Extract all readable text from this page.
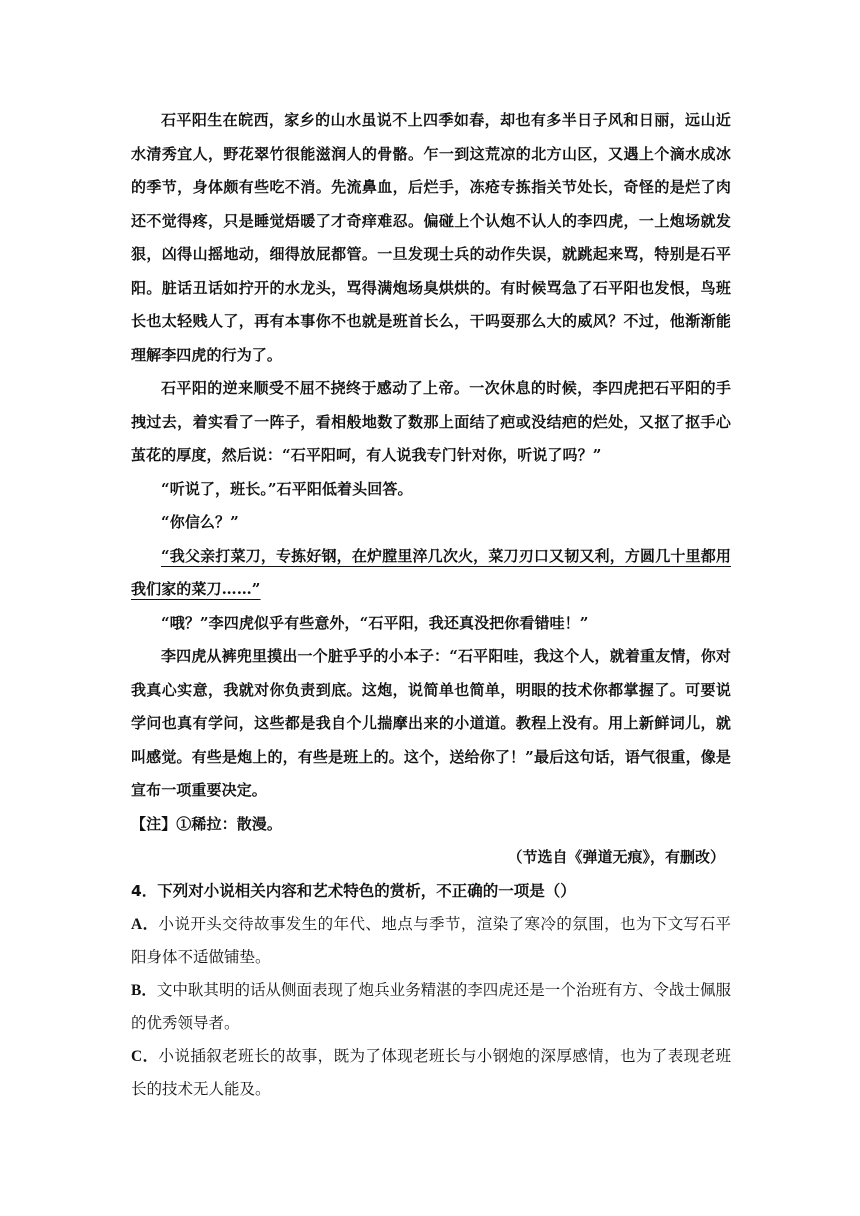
石平阳生在皖西，家乡的山水虽说不上四季如春，却也有多半日子风和日丽，远山近水清秀宜人，野花翠竹很能滋润人的骨骼。乍一到这荒凉的北方山区，又遇上个滴水成冰的季节，身体颇有些吃不消。先流鼻血，后烂手，冻疮专拣指关节处长，奇怪的是烂了肉还不觉得疼，只是睡觉焐暖了才奇痒难忍。偏碰上个认炮不认人的李四虎，一上炮场就发狠，凶得山摇地动，细得放屁都管。一旦发现士兵的动作失误，就跳起来骂，特别是石平阳。脏话丑话如拧开的水龙头，骂得满炮场臭烘烘的。有时候骂急了石平阳也发恨，鸟班长也太轻贱人了，再有本事你不也就是班首长么，干吗耍那么大的威风？不过，他渐渐能理解李四虎的行为了。

石平阳的逆来顺受不屈不挠终于感动了上帝。一次休息的时候，李四虎把石平阳的手拽过去，着实看了一阵子，看相般地数了数那上面结了疤或没结疤的烂处，又抠了抠手心茧花的厚度，然后说：“石平阳呵，有人说我专门针对你，听说了吗？”

“听说了，班长。”石平阳低着头回答。

“你信么？”

“我父亲打菜刀，专拣好钢，在炉膛里淬几次火，菜刀刃口又韧又利，方圆几十里都用我们家的菜刀……”

“哦？”李四虎似乎有些意外，“石平阳，我还真没把你看错哇！”

李四虎从裤兜里摸出一个脏乎乎的小本子：“石平阳哇，我这个人，就着重友情，你对我真心实意，我就对你负责到底。这炮，说简单也简单，明眼的技术你都掌握了。可要说学问也真有学问，这些都是我自个儿揣摩出来的小道道。教程上没有。用上新鲜词儿，就叫感觉。有些是炮上的，有些是班上的。这个，送给你了！”最后这句话，语气很重，像是宣布一项重要决定。

【注】①稀拉：散漫。

（节选自《弹道无痕》，有删改）

4．下列对小说相关内容和艺术特色的赏析，不正确的一项是（）

A．小说开头交待故事发生的年代、地点与季节，渲染了寒冷的氛围，也为下文写石平阳身体不适做铺垫。

B．文中耿其明的话从侧面表现了炮兵业务精湛的李四虎还是一个治班有方、令战士佩服的优秀领导者。

C．小说插叙老班长的故事，既为了体现老班长与小钢炮的深厚感情，也为了表现老班长的技术无人能及。
